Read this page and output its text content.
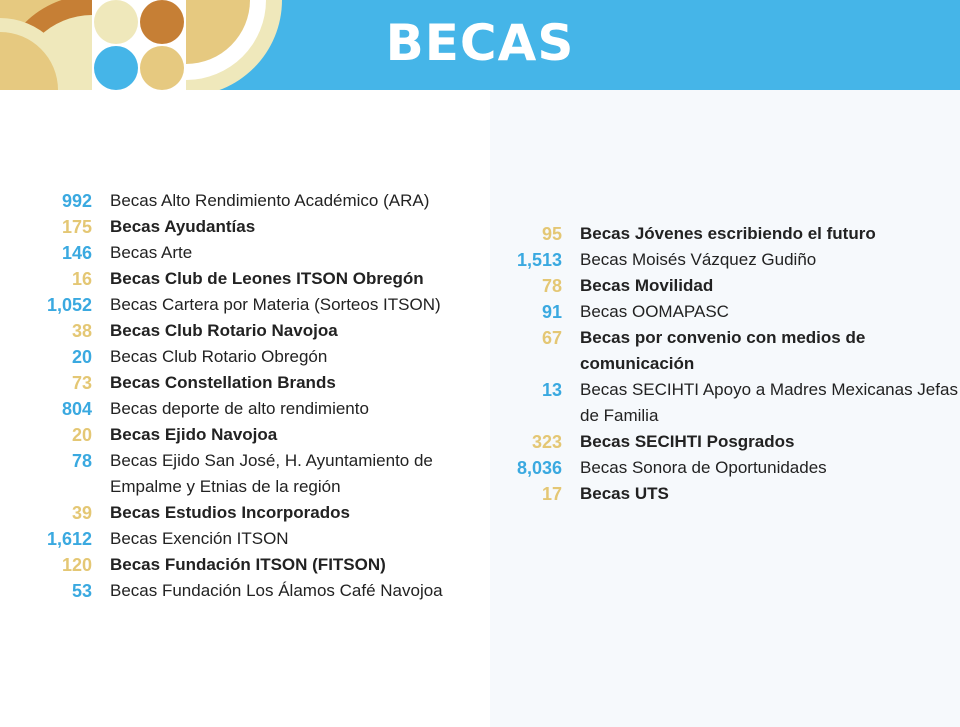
BECAS
992	Becas Alto Rendimiento Académico (ARA)
175	Becas Ayudantías
146	Becas Arte
16	Becas Club de Leones ITSON Obregón
1,052	Becas Cartera por Materia (Sorteos ITSON)
38	Becas Club Rotario Navojoa
20	Becas Club Rotario Obregón
73	Becas Constellation Brands
804	Becas deporte de alto rendimiento
20	Becas Ejido Navojoa
78	Becas Ejido San José, H. Ayuntamiento de Empalme y Etnias de la región
39	Becas Estudios Incorporados
1,612	Becas Exención ITSON
120	Becas Fundación ITSON (FITSON)
53	Becas Fundación Los Álamos Café Navojoa
95	Becas Jóvenes escribiendo el futuro
1,513	Becas Moisés Vázquez Gudiño
78	Becas Movilidad
91	Becas OOMAPASC
67	Becas por convenio con medios de comunicación
13	Becas SECIHTI Apoyo a Madres Mexicanas Jefas de Familia
323	Becas SECIHTI Posgrados
8,036	Becas Sonora de Oportunidades
17	Becas UTS
